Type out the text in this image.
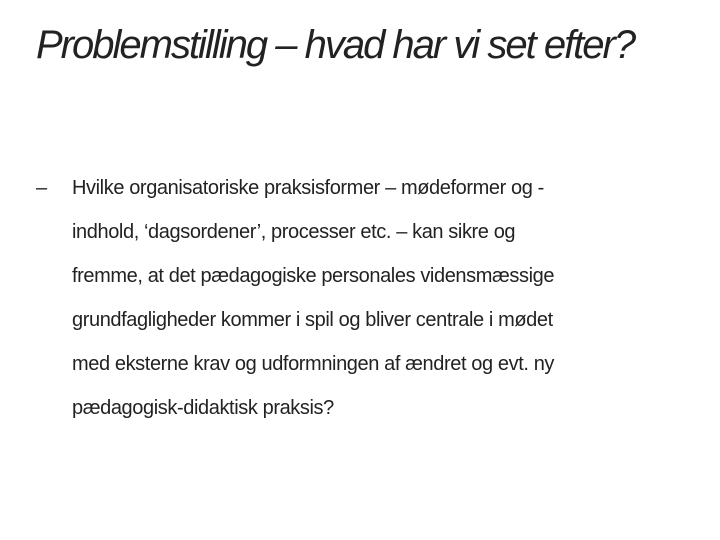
Problemstilling – hvad har vi set efter?
– Hvilke organisatoriske praksisformer – mødeformer og -
indhold, ‘dagsordener’, processer etc. – kan sikre og
fremme, at det pædagogiske personales vidensmæssige
grundfagligheder kommer i spil og bliver centrale i mødet
med eksterne krav og udformningen af ændret og evt. ny
pædagogisk-didaktisk praksis?
